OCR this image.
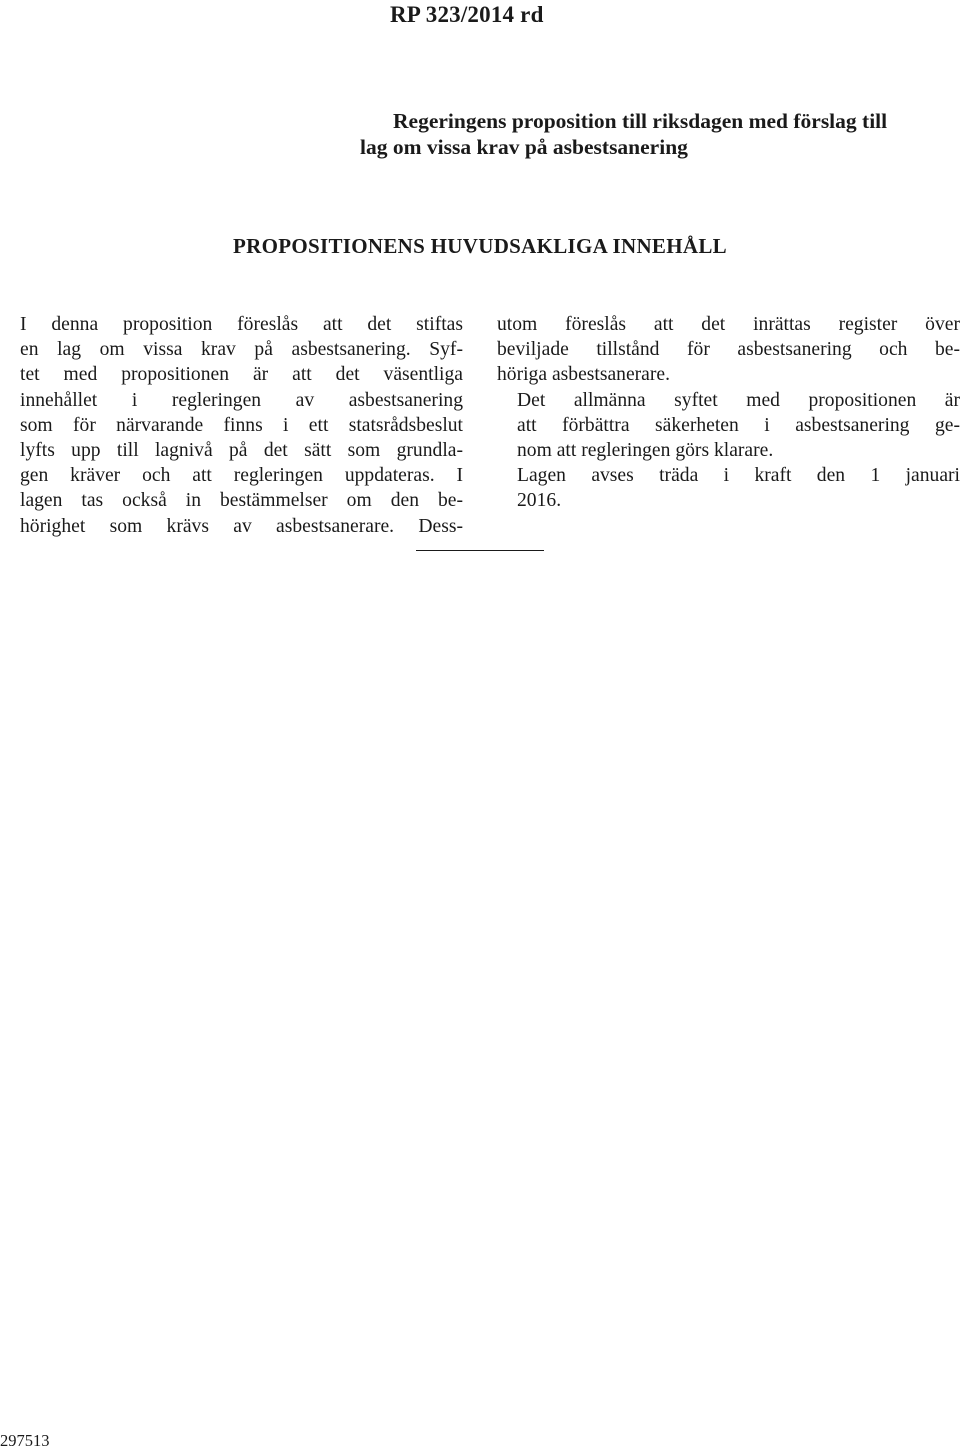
RP 323/2014 rd
Regeringens proposition till riksdagen med förslag till
lag om vissa krav på asbestsanering
PROPOSITIONENS HUVUDSAKLIGA INNEHÅLL
I denna proposition föreslås att det stiftas
en lag om vissa krav på asbestsanering. Syf-
tet med propositionen är att det väsentliga
innehållet i regleringen av asbestsanering
som för närvarande finns i ett statsrådsbeslut
lyfts upp till lagnivå på det sätt som grundla-
gen kräver och att regleringen uppdateras. I
lagen tas också in bestämmelser om den be-
hörighet som krävs av asbestsanerare. Dess-
utom föreslås att det inrättas register över
beviljade tillstånd för asbestsanering och be-
höriga asbestsanerare.
Det allmänna syftet med propositionen är
att förbättra säkerheten i asbestsanering ge-
nom att regleringen görs klarare.
Lagen avses träda i kraft den 1 januari
2016.
297513
